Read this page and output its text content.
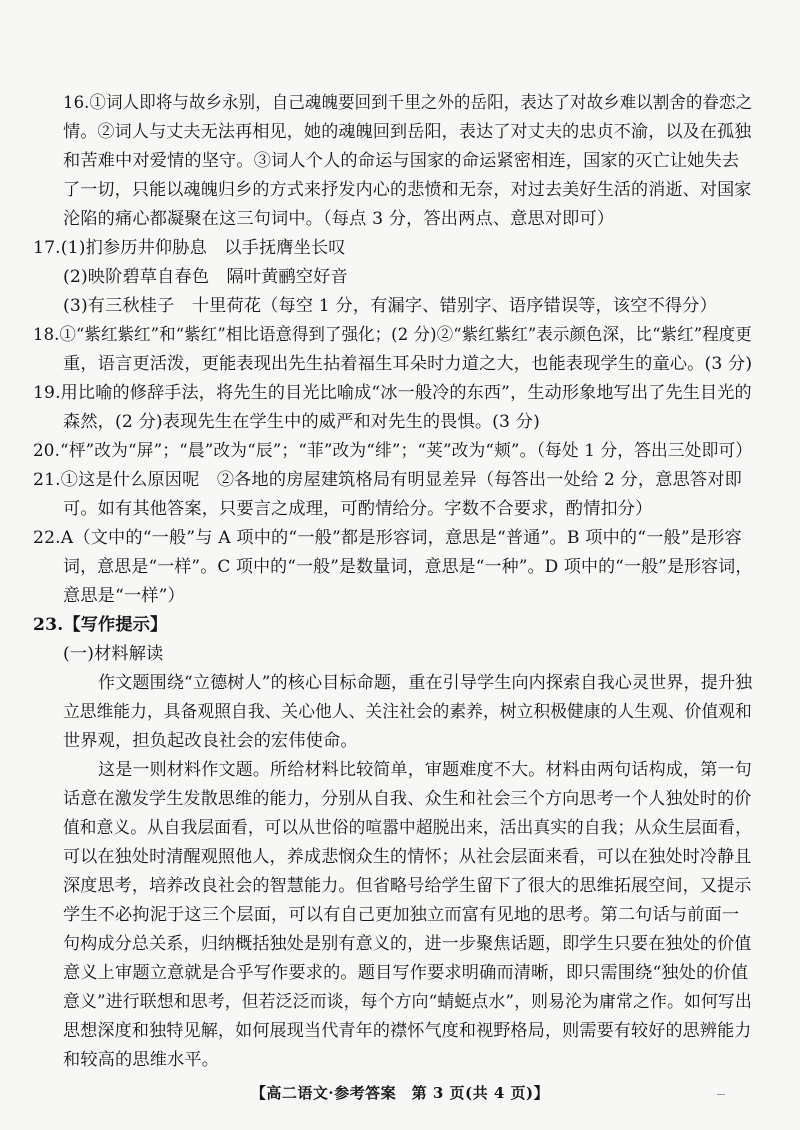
16.①词人即将与故乡永别，自己魂魄要回到千里之外的岳阳，表达了对故乡难以割舍的眷恋之
情。②词人与丈夫无法再相见，她的魂魄回到岳阳，表达了对丈夫的忠贞不渝，以及在孤独
和苦难中对爱情的坚守。③词人个人的命运与国家的命运紧密相连，国家的灭亡让她失去
了一切，只能以魂魄归乡的方式来抒发内心的悲愤和无奈，对过去美好生活的消逝、对国家
沦陷的痛心都凝聚在这三句词中。（每点 3 分，答出两点、意思对即可）
17.(1)扪参历井仰胁息　以手抚膺坐长叹
(2)映阶碧草自春色　隔叶黄鹂空好音
(3)有三秋桂子　十里荷花（每空 1 分，有漏字、错别字、语序错误等，该空不得分）
18.①“紫红紫红”和“紫红”相比语意得到了强化；(2 分)②“紫红紫红”表示颜色深，比“紫红”程度更
重，语言更活泼，更能表现出先生拈着福生耳朵时力道之大，也能表现学生的童心。(3 分)
19.用比喻的修辞手法，将先生的目光比喻成“冰一般冷的东西”，生动形象地写出了先生目光的
森然，(2 分)表现先生在学生中的威严和对先生的畏惧。(3 分)
20.“枰”改为“屏”；“晨”改为“辰”；“菲”改为“绯”；“荚”改为“颊”。（每处 1 分，答出三处即可）
21.①这是什么原因呢　②各地的房屋建筑格局有明显差异（每答出一处给 2 分，意思答对即
可。如有其他答案，只要言之成理，可酌情给分。字数不合要求，酌情扣分）
22.A（文中的“一般”与 A 项中的“一般”都是形容词，意思是“普通”。B 项中的“一般”是形容
词，意思是“一样”。C 项中的“一般”是数量词，意思是“一种”。D 项中的“一般”是形容词，
意思是“一样”）
23.【写作提示】
(一)材料解读
作文题围绕“立德树人”的核心目标命题，重在引导学生向内探索自我心灵世界，提升独
立思维能力，具备观照自我、关心他人、关注社会的素养，树立积极健康的人生观、价值观和
世界观，担负起改良社会的宏伟使命。
这是一则材料作文题。所给材料比较简单，审题难度不大。材料由两句话构成，第一句
话意在激发学生发散思维的能力，分别从自我、众生和社会三个方向思考一个人独处时的价
值和意义。从自我层面看，可以从世俗的喧嚣中超脱出来，活出真实的自我；从众生层面看，
可以在独处时清醒观照他人，养成悲悯众生的情怀；从社会层面来看，可以在独处时冷静且
深度思考，培养改良社会的智慧能力。但省略号给学生留下了很大的思维拓展空间，又提示
学生不必拘泥于这三个层面，可以有自己更加独立而富有见地的思考。第二句话与前面一
句构成分总关系，归纳概括独处是别有意义的，进一步聚焦话题，即学生只要在独处的价值
意义上审题立意就是合乎写作要求的。题目写作要求明确而清晰，即只需围绕“独处的价值
意义”进行联想和思考，但若泛泛而谈，每个方向“蜻蜓点水”，则易沦为庸常之作。如何写出
思想深度和独特见解，如何展现当代青年的襟怀气度和视野格局，则需要有较好的思辨能力
和较高的思维水平。
【高二语文·参考答案　第 3 页(共 4 页)】
